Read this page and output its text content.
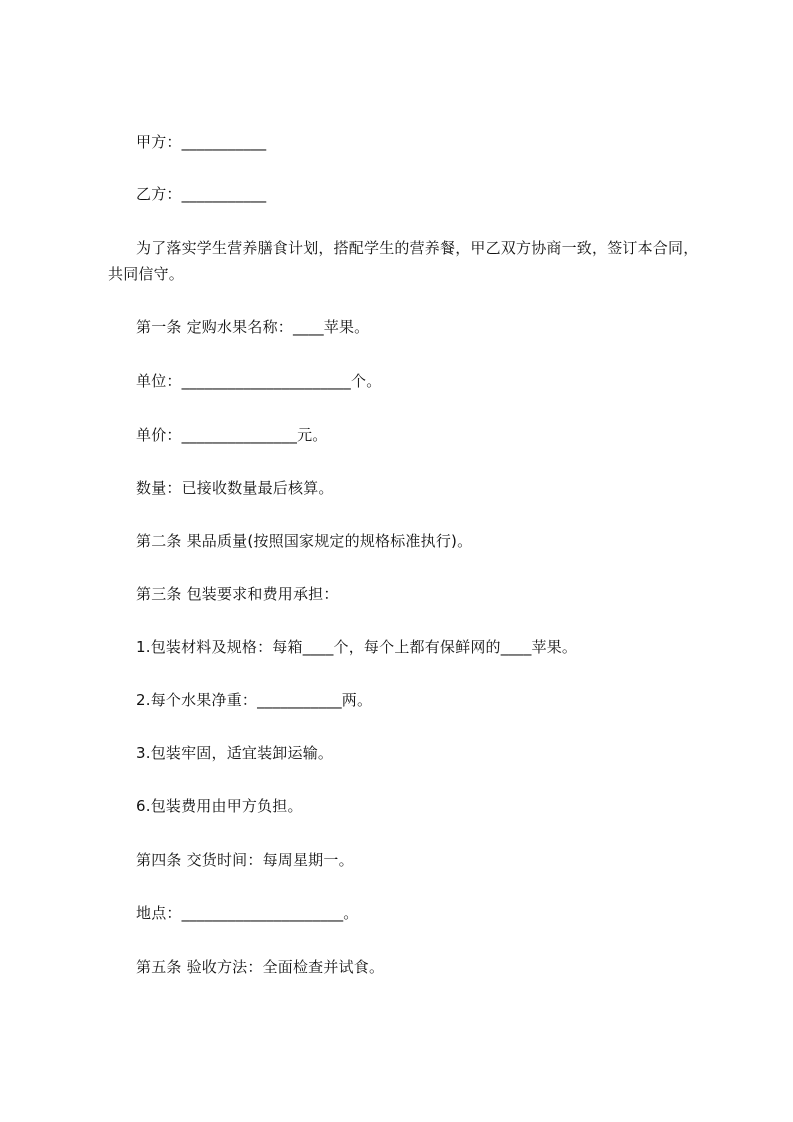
甲方：___________
乙方：___________
为了落实学生营养膳食计划，搭配学生的营养餐，甲乙双方协商一致，签订本合同，共同信守。
第一条 定购水果名称：____苹果。
单位：______________________个。
单价：_______________元。
数量：已接收数量最后核算。
第二条 果品质量(按照国家规定的规格标准执行)。
第三条 包装要求和费用承担：
1.包装材料及规格：每箱____个，每个上都有保鲜网的____苹果。
2.每个水果净重：___________两。
3.包装牢固，适宜装卸运输。
6.包装费用由甲方负担。
第四条 交货时间：每周星期一。
地点：_____________________。
第五条 验收方法：全面检查并试食。
